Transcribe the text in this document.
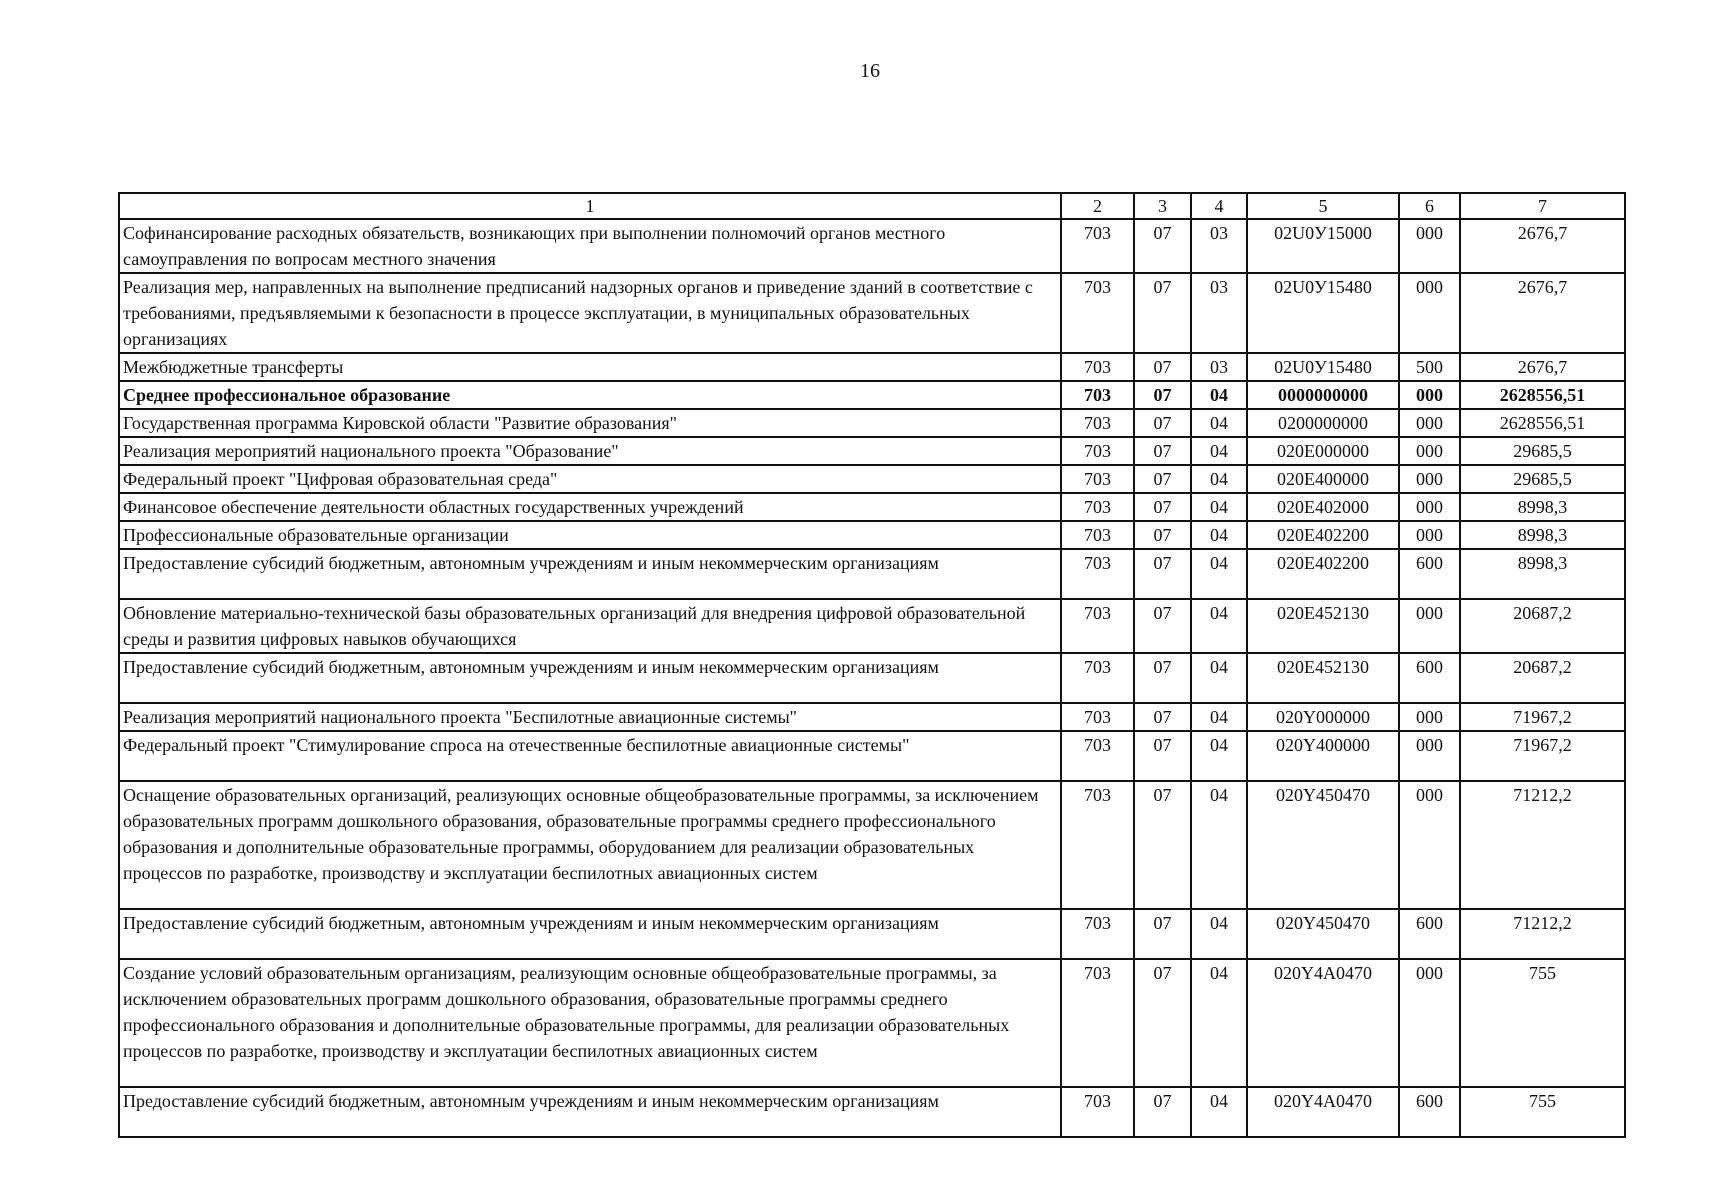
16
1	2	3	4	5	6	7
Софинансирование расходных обязательств, возникающих при выполнении полномочий органов местного самоуправления по вопросам местного значения	703	07	03	02U0У15000	000	2676,7
Реализация мер, направленных на выполнение предписаний надзорных органов и приведение зданий в соответствие с требованиями, предъявляемыми к безопасности в процессе эксплуатации, в муниципальных образовательных организациях	703	07	03	02U0У15480	000	2676,7
Межбюджетные трансферты	703	07	03	02U0У15480	500	2676,7
Среднее профессиональное образование	703	07	04	0000000000	000	2628556,51
Государственная программа Кировской области "Развитие образования"	703	07	04	0200000000	000	2628556,51
Реализация мероприятий национального проекта "Образование"	703	07	04	020E000000	000	29685,5
Федеральный проект "Цифровая образовательная среда"	703	07	04	020E400000	000	29685,5
Финансовое обеспечение деятельности областных государственных учреждений	703	07	04	020E402000	000	8998,3
Профессиональные образовательные организации	703	07	04	020E402200	000	8998,3
Предоставление субсидий бюджетным, автономным учреждениям и иным некоммерческим организациям	703	07	04	020E402200	600	8998,3
Обновление материально-технической базы образовательных организаций для внедрения цифровой образовательной среды и развития цифровых навыков обучающихся	703	07	04	020E452130	000	20687,2
Предоставление субсидий бюджетным, автономным учреждениям и иным некоммерческим организациям	703	07	04	020E452130	600	20687,2
Реализация мероприятий национального проекта "Беспилотные авиационные системы"	703	07	04	020Y000000	000	71967,2
Федеральный проект "Стимулирование спроса на отечественные беспилотные авиационные системы"	703	07	04	020Y400000	000	71967,2
Оснащение образовательных организаций, реализующих основные общеобразовательные программы, за исключением образовательных программ дошкольного образования, образовательные программы среднего профессионального образования и дополнительные образовательные программы, оборудованием для реализации образовательных процессов по разработке, производству и эксплуатации беспилотных авиационных систем	703	07	04	020Y450470	000	71212,2
Предоставление субсидий бюджетным, автономным учреждениям и иным некоммерческим организациям	703	07	04	020Y450470	600	71212,2
Создание условий образовательным организациям, реализующим основные общеобразовательные программы, за исключением образовательных программ дошкольного образования, образовательные программы среднего профессионального образования и дополнительные образовательные программы, для реализации образовательных процессов по разработке, производству и эксплуатации беспилотных авиационных систем	703	07	04	020Y4A0470	000	755
Предоставление субсидий бюджетным, автономным учреждениям и иным некоммерческим организациям	703	07	04	020Y4A0470	600	755
